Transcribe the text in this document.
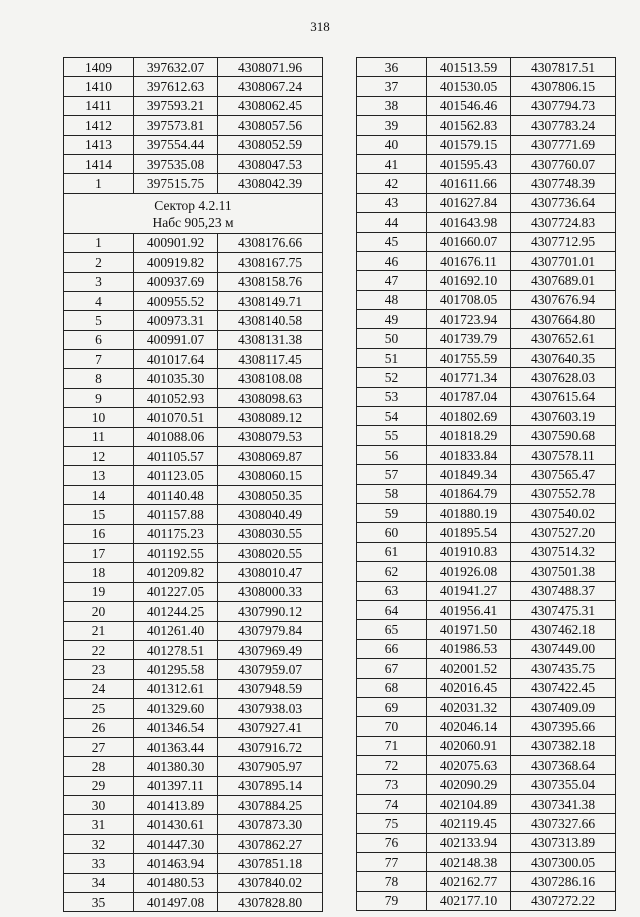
318
1409	397632.07	4308071.96
1410	397612.63	4308067.24
1411	397593.21	4308062.45
1412	397573.81	4308057.56
1413	397554.44	4308052.59
1414	397535.08	4308047.53
1	397515.75	4308042.39

Сектор 4.2.11
Набс 905,23 м		

1	400901.92	4308176.66
2	400919.82	4308167.75
3	400937.69	4308158.76
4	400955.52	4308149.71
5	400973.31	4308140.58
6	400991.07	4308131.38
7	401017.64	4308117.45
8	401035.30	4308108.08
9	401052.93	4308098.63
10	401070.51	4308089.12
11	401088.06	4308079.53
12	401105.57	4308069.87
13	401123.05	4308060.15
14	401140.48	4308050.35
15	401157.88	4308040.49
16	401175.23	4308030.55
17	401192.55	4308020.55
18	401209.82	4308010.47
19	401227.05	4308000.33
20	401244.25	4307990.12
21	401261.40	4307979.84
22	401278.51	4307969.49
23	401295.58	4307959.07
24	401312.61	4307948.59
25	401329.60	4307938.03
26	401346.54	4307927.41
27	401363.44	4307916.72
28	401380.30	4307905.97
29	401397.11	4307895.14
30	401413.89	4307884.25
31	401430.61	4307873.30
32	401447.30	4307862.27
33	401463.94	4307851.18
34	401480.53	4307840.02
35	401497.08	4307828.80
36	401513.59	4307817.51
37	401530.05	4307806.15
38	401546.46	4307794.73
39	401562.83	4307783.24
40	401579.15	4307771.69
41	401595.43	4307760.07
42	401611.66	4307748.39
43	401627.84	4307736.64
44	401643.98	4307724.83
45	401660.07	4307712.95
46	401676.11	4307701.01
47	401692.10	4307689.01
48	401708.05	4307676.94
49	401723.94	4307664.80
50	401739.79	4307652.61
51	401755.59	4307640.35
52	401771.34	4307628.03
53	401787.04	4307615.64
54	401802.69	4307603.19
55	401818.29	4307590.68
56	401833.84	4307578.11
57	401849.34	4307565.47
58	401864.79	4307552.78
59	401880.19	4307540.02
60	401895.54	4307527.20
61	401910.83	4307514.32
62	401926.08	4307501.38
63	401941.27	4307488.37
64	401956.41	4307475.31
65	401971.50	4307462.18
66	401986.53	4307449.00
67	402001.52	4307435.75
68	402016.45	4307422.45
69	402031.32	4307409.09
70	402046.14	4307395.66
71	402060.91	4307382.18
72	402075.63	4307368.64
73	402090.29	4307355.04
74	402104.89	4307341.38
75	402119.45	4307327.66
76	402133.94	4307313.89
77	402148.38	4307300.05
78	402162.77	4307286.16
79	402177.10	4307272.22
